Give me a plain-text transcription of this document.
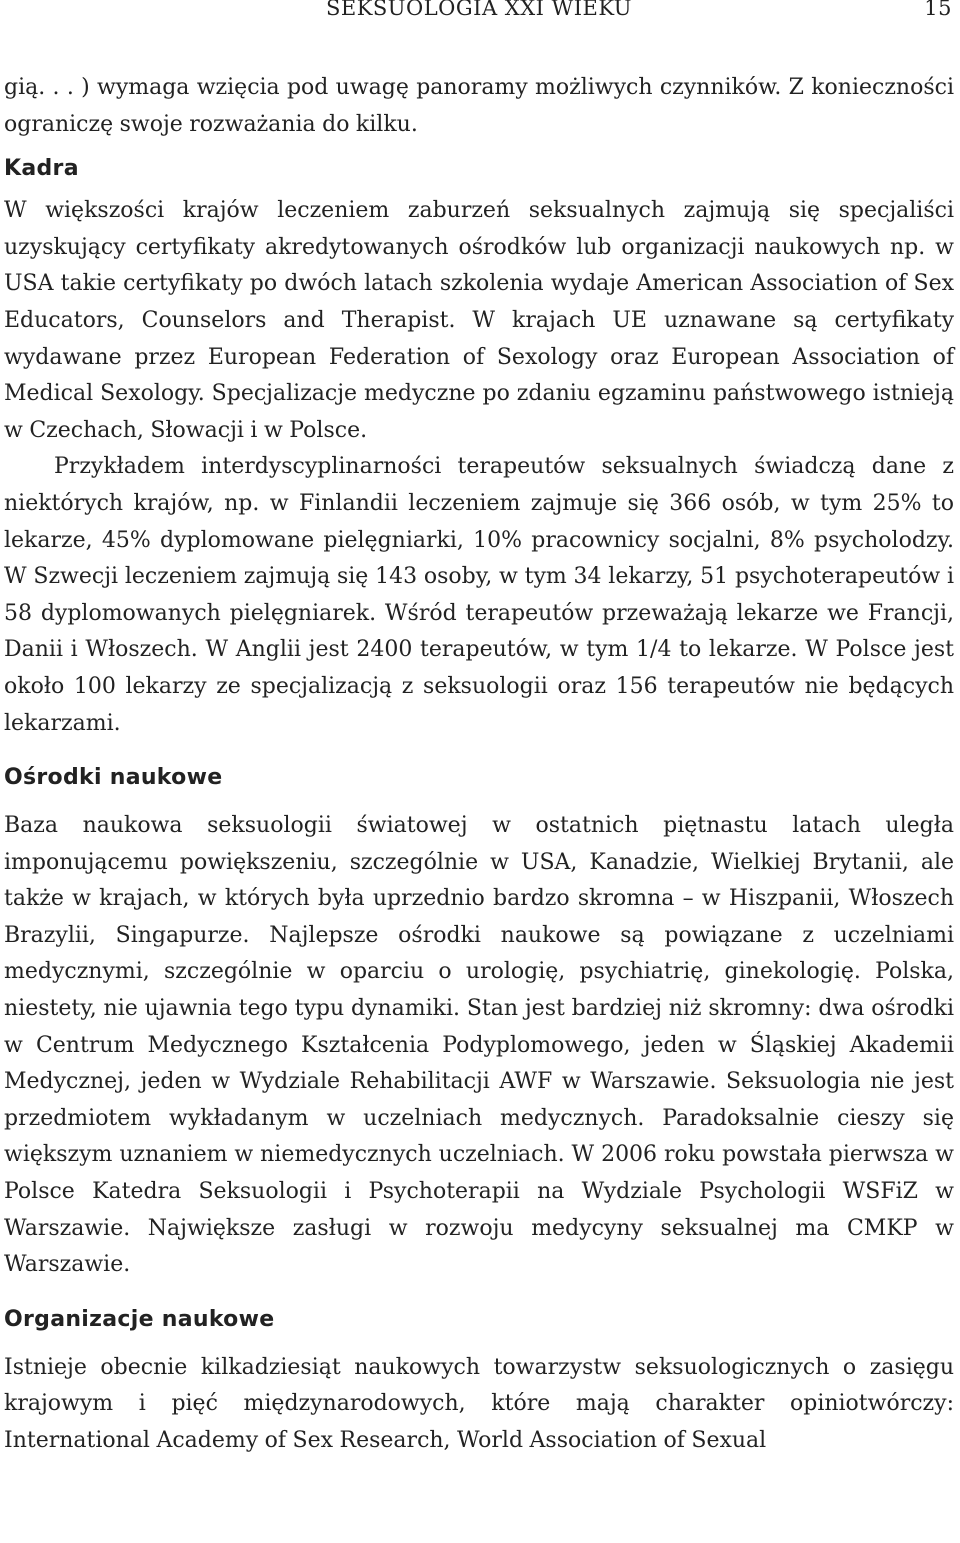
SEKSUOLOGIA XXI WIEKU	15

gią. . . ) wymaga wzięcia pod uwagę panoramy możliwych czynników. Z konieczności ograniczę swoje rozważania do kilku.

Kadra

W większości krajów leczeniem zaburzeń seksualnych zajmują się specjaliści uzyskujący certyfikaty akredytowanych ośrodków lub organizacji naukowych np. w USA takie certyfikaty po dwóch latach szkolenia wydaje American Association of Sex Educators, Counselors and Therapist. W krajach UE uznawane są certyfikaty wydawane przez European Federation of Sexology oraz European Association of Medical Sexology. Specjalizacje medyczne po zdaniu egzaminu państwowego istnieją w Czechach, Słowacji i w Polsce.

Przykładem interdyscyplinarności terapeutów seksualnych świadczą dane z niektórych krajów, np. w Finlandii leczeniem zajmuje się 366 osób, w tym 25% to lekarze, 45% dyplomowane pielęgniarki, 10% pracownicy socjalni, 8% psycholodzy. W Szwecji leczeniem zajmują się 143 osoby, w tym 34 lekarzy, 51 psychoterapeutów i 58 dyplomowanych pielęgniarek. Wśród terapeutów przeważają lekarze we Francji, Danii i Włoszech. W Anglii jest 2400 terapeutów, w tym 1/4 to lekarze. W Polsce jest około 100 lekarzy ze specjalizacją z seksuologii oraz 156 terapeutów nie będących lekarzami.

Ośrodki naukowe

Baza naukowa seksuologii światowej w ostatnich piętnastu latach uległa imponującemu powiększeniu, szczególnie w USA, Kanadzie, Wielkiej Brytanii, ale także w krajach, w których była uprzednio bardzo skromna – w Hiszpanii, Włoszech Brazylii, Singapurze. Najlepsze ośrodki naukowe są powiązane z uczelniami medycznymi, szczególnie w oparciu o urologię, psychiatrię, ginekologię. Polska, niestety, nie ujawnia tego typu dynamiki. Stan jest bardziej niż skromny: dwa ośrodki w Centrum Medycznego Kształcenia Podyplomowego, jeden w Śląskiej Akademii Medycznej, jeden w Wydziale Rehabilitacji AWF w Warszawie. Seksuologia nie jest przedmiotem wykładanym w uczelniach medycznych. Paradoksalnie cieszy się większym uznaniem w niemedycznych uczelniach. W 2006 roku powstała pierwsza w Polsce Katedra Seksuologii i Psychoterapii na Wydziale Psychologii WSFiZ w Warszawie. Największe zasługi w rozwoju medycyny seksualnej ma CMKP w Warszawie.

Organizacje naukowe

Istnieje obecnie kilkadziesiąt naukowych towarzystw seksuologicznych o zasięgu krajowym i pięć międzynarodowych, które mają charakter opiniotwórczy: International Academy of Sex Research, World Association of Sexual
